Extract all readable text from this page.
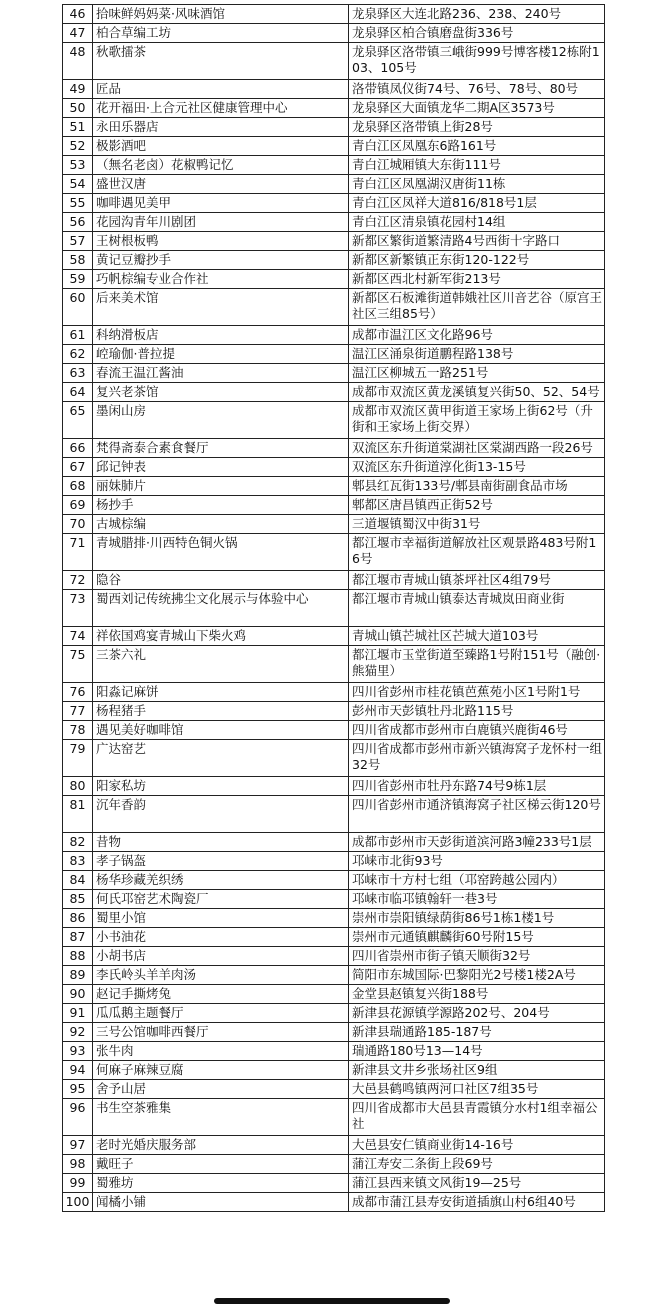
46	拾味鲜妈妈菜·风味酒馆	龙泉驿区大连北路236、238、240号
47	柏合草编工坊	龙泉驿区柏合镇磨盘街336号
48	秋歌擂茶	龙泉驿区洛带镇三峨街999号博客楼12栋附103、105号
49	匠品	洛带镇凤仪街74号、76号、78号、80号
50	花开福田·上合元社区健康管理中心	龙泉驿区大面镇龙华二期A区3573号
51	永田乐器店	龙泉驿区洛带镇上街28号
52	极影酒吧	青白江区凤凰东6路161号
53	（無名老卤）花椒鸭记忆	青白江城厢镇大东街111号
54	盛世汉唐	青白江区凤凰湖汉唐街11栋
55	咖啡遇见美甲	青白江区凤祥大道816/818号1层
56	花园沟青年川剧团	青白江区清泉镇花园村14组
57	王树根板鸭	新都区繁街道繁清路4号西街十字路口
58	黄记豆瓣抄手	新都区新繁镇正东街120-122号
59	巧帆棕编专业合作社	新都区西北村新军街213号
60	后来美术馆	新都区石板滩街道韩娥社区川音艺谷（原宫王社区三组85号）
61	科纳滑板店	成都市温江区文化路96号
62	崆瑜伽·普拉提	温江区涌泉街道鹏程路138号
63	春流王温江酱油	温江区柳城五一路251号
64	复兴老茶馆	成都市双流区黄龙溪镇复兴街50、52、54号
65	墨闲山房	成都市双流区黄甲街道王家场上街62号（升街和王家场上街交界）
66	梵得斋泰合素食餐厅	双流区东升街道棠湖社区棠湖西路一段26号
67	邱记钟表	双流区东升街道淳化街13-15号
68	丽妹肺片	郫县红瓦街133号/郫县南街副食品市场
69	杨抄手	郫都区唐昌镇西正街52号
70	古城棕编	三道堰镇蜀汉中街31号
71	青城腊排·川西特色铜火锅	都江堰市幸福街道解放社区观景路483号附16号
72	隐谷	都江堰市青城山镇茶坪社区4组79号
73	蜀西刘记传统拂尘文化展示与体验中心	都江堰市青城山镇泰达青城岚田商业街
74	祥依国鸡宴青城山下柴火鸡	青城山镇芒城社区芒城大道103号
75	三茶六礼	都江堰市玉堂街道至臻路1号附151号（融创·熊猫里）
76	阳淼记麻饼	四川省彭州市桂花镇芭蕉苑小区1号附1号
77	杨程猪手	彭州市天彭镇牡丹北路115号
78	遇见美好咖啡馆	四川省成都市彭州市白鹿镇兴鹿街46号
79	广达窑艺	四川省成都市彭州市新兴镇海窝子龙怀村一组32号
80	阳家私坊	四川省彭州市牡丹东路74号9栋1层
81	沉年香韵	四川省彭州市通济镇海窝子社区梯云街120号
82	昔物	成都市彭州市天彭街道滨河路3幢233号1层
83	孝子锅盔	邛崃市北街93号
84	杨华珍藏羌织绣	邛崃市十方村七组（邛窑跨越公园内）
85	何氏邛窑艺术陶瓷厂	邛崃市临邛镇翰轩一巷3号
86	蜀里小馆	崇州市崇阳镇绿荫街86号1栋1楼1号
87	小书油花	崇州市元通镇麒麟街60号附15号
88	小胡书店	四川省崇州市街子镇天顺街32号
89	李氏岭头羊羊肉汤	简阳市东城国际·巴黎阳光2号楼1楼2A号
90	赵记手撕烤兔	金堂县赵镇复兴街188号
91	瓜瓜鹅主题餐厅	新津县花源镇学源路202号、204号
92	三号公馆咖啡西餐厅	新津县瑞通路185-187号
93	张牛肉	瑞通路180号13—14号
94	何麻子麻辣豆腐	新津县文井乡张场社区9组
95	舍予山居	大邑县鹤鸣镇两河口社区7组35号
96	书生空茶雅集	四川省成都市大邑县青霞镇分水村1组幸福公社
97	老时光婚庆服务部	大邑县安仁镇商业街14-16号
98	戴旺子	蒲江寿安二条街上段69号
99	蜀雅坊	蒲江县西来镇文风街19—25号
100	闻橘小铺	成都市蒲江县寿安街道插旗山村6组40号
